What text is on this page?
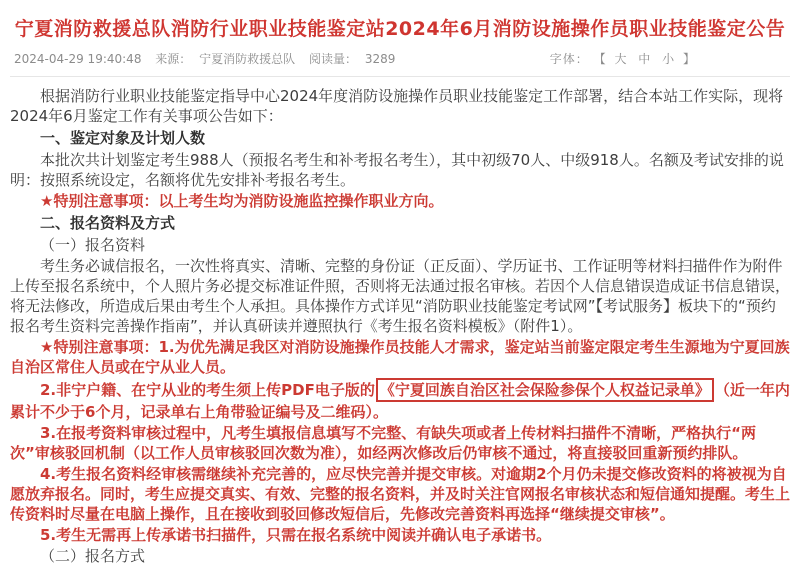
宁夏消防救援总队消防行业职业技能鉴定站2024年6月消防设施操作员职业技能鉴定公告
2024-04-29 19:40:48 来源： 宁夏消防救援总队 阅读量： 3289	字体： 【 大 中 小 】

根据消防行业职业技能鉴定指导中心2024年度消防设施操作员职业技能鉴定工作部署，结合本站工作实际，现将2024年6月鉴定工作有关事项公告如下：

一、鉴定对象及计划人数

本批次共计划鉴定考生988人（预报名考生和补考报名考生），其中初级70人、中级918人。名额及考试安排的说明：按照系统设定，名额将优先安排补考报名考生。

★特别注意事项：以上考生均为消防设施监控操作职业方向。

二、报名资料及方式

（一）报名资料

考生务必诚信报名，一次性将真实、清晰、完整的身份证（正反面）、学历证书、工作证明等材料扫描件作为附件上传至报名系统中，个人照片务必提交标准证件照，否则将无法通过报名审核。若因个人信息错误造成证书信息错误，将无法修改，所造成后果由考生个人承担。具体操作方式详见“消防职业技能鉴定考试网”【考试服务】板块下的“预约报名考生资料完善操作指南”，并认真研读并遵照执行《考生报名资料模板》（附件1）。

★特别注意事项：1.为优先满足我区对消防设施操作员技能人才需求，鉴定站当前鉴定限定考生生源地为宁夏回族自治区常住人员或在宁从业人员。

2.非宁户籍、在宁从业的考生须上传PDF电子版的 《宁夏回族自治区社会保险参保个人权益记录单》 （近一年内累计不少于6个月，记录单右上角带验证编号及二维码）。

3.在报考资料审核过程中，凡考生填报信息填写不完整、有缺失项或者上传材料扫描件不清晰，严格执行“两次”审核驳回机制（以工作人员审核驳回次数为准），如经两次修改后仍审核不通过，将直接驳回重新预约排队。

4.考生报名资料经审核需继续补充完善的，应尽快完善并提交审核。对逾期2个月仍未提交修改资料的将被视为自愿放弃报名。同时，考生应提交真实、有效、完整的报名资料，并及时关注官网报名审核状态和短信通知提醒。考生上传资料时尽量在电脑上操作，且在接收到驳回修改短信后，先修改完善资料再选择“继续提交审核”。

5.考生无需再上传承诺书扫描件，只需在报名系统中阅读并确认电子承诺书。

（二）报名方式
